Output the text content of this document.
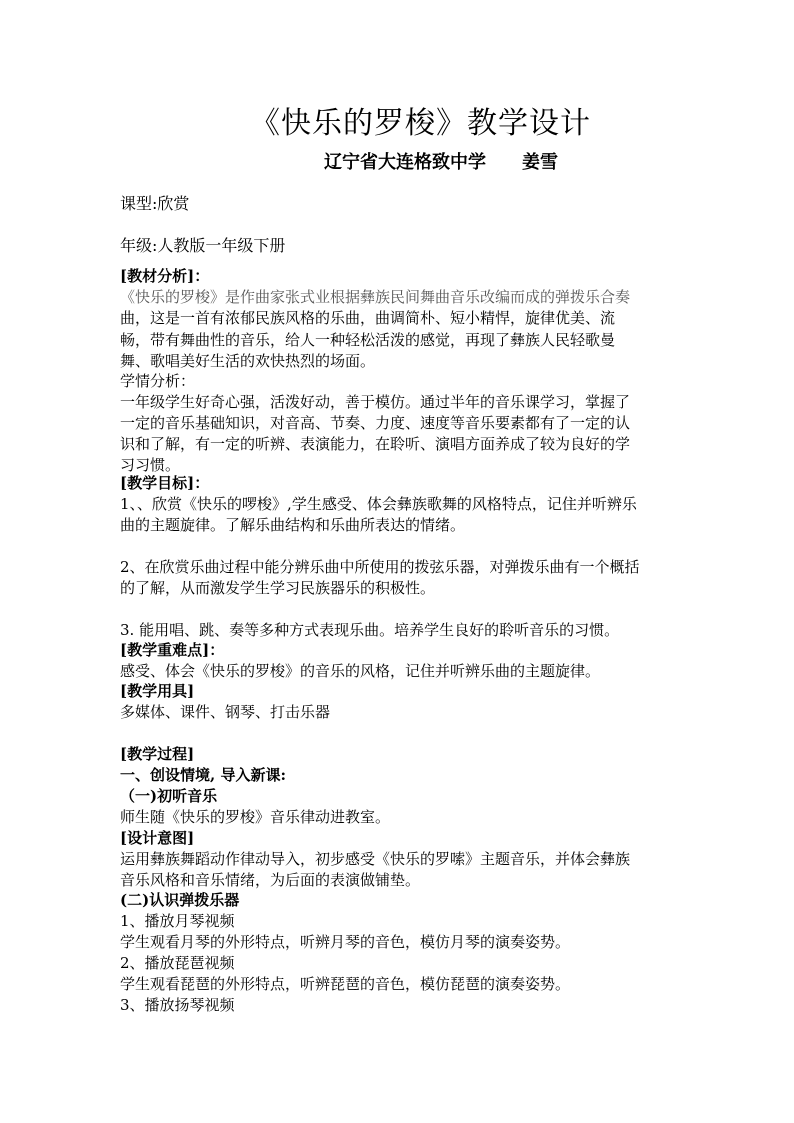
《快乐的罗梭》教学设计
辽宁省大连格致中学　　姜雪
课型:欣赏
年级:人教版一年级下册
[教材分析]：
《快乐的罗梭》是作曲家张式业根据彝族民间舞曲音乐改编而成的弹拨乐合奏
曲，这是一首有浓郁民族风格的乐曲，曲调简朴、短小精悍，旋律优美、流
畅，带有舞曲性的音乐，给人一种轻松活泼的感觉，再现了彝族人民轻歌曼
舞、歌唱美好生活的欢快热烈的场面。
学情分析：
一年级学生好奇心强，活泼好动，善于模仿。通过半年的音乐课学习，掌握了
一定的音乐基础知识，对音高、节奏、力度、速度等音乐要素都有了一定的认
识和了解，有一定的听辨、表演能力，在聆听、演唱方面养成了较为良好的学
习习惯。
[教学目标]：
1、、欣赏《快乐的啰梭》,学生感受、体会彝族歌舞的风格特点，记住并听辨乐
曲的主题旋律。了解乐曲结构和乐曲所表达的情绪。
2、在欣赏乐曲过程中能分辨乐曲中所使用的拨弦乐器，对弹拨乐曲有一个概括
的了解，从而激发学生学习民族器乐的积极性。
3. 能用唱、跳、奏等多种方式表现乐曲。培养学生良好的聆听音乐的习惯。
[教学重难点]：
感受、体会《快乐的罗梭》的音乐的风格，记住并听辨乐曲的主题旋律。
[教学用具]
多媒体、课件、钢琴、打击乐器
[教学过程]
一、创设情境, 导入新课:
（一)初听音乐
师生随《快乐的罗梭》音乐律动进教室。
[设计意图]
运用彝族舞蹈动作律动导入，初步感受《快乐的罗嗦》主题音乐，并体会彝族
音乐风格和音乐情绪，为后面的表演做铺垫。
(二)认识弹拨乐器
1、播放月琴视频
学生观看月琴的外形特点，听辨月琴的音色，模仿月琴的演奏姿势。
2、播放琵琶视频
学生观看琵琶的外形特点，听辨琵琶的音色，模仿琵琶的演奏姿势。
3、播放扬琴视频
